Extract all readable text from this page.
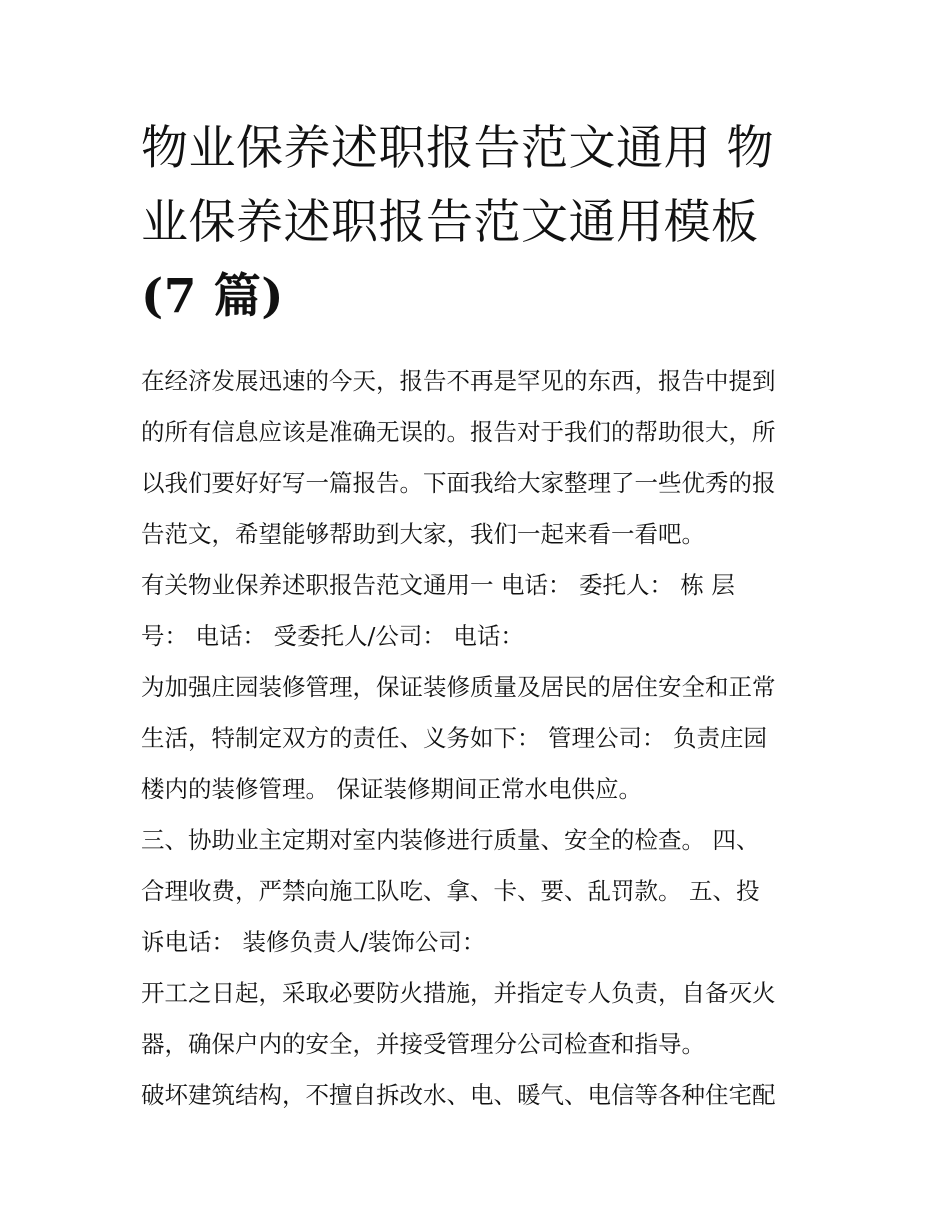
物业保养述职报告范文通用 物
业保养述职报告范文通用模板
(7 篇)

在经济发展迅速的今天，报告不再是罕见的东西，报告中提到
的所有信息应该是准确无误的。报告对于我们的帮助很大，所
以我们要好好写一篇报告。下面我给大家整理了一些优秀的报
告范文，希望能够帮助到大家，我们一起来看一看吧。

有关物业保养述职报告范文通用一 电话： 委托人： 栋 层
号： 电话： 受委托人/公司： 电话：

为加强庄园装修管理，保证装修质量及居民的居住安全和正常
生活，特制定双方的责任、义务如下： 管理公司： 负责庄园
楼内的装修管理。 保证装修期间正常水电供应。

三、协助业主定期对室内装修进行质量、安全的检查。 四、
合理收费，严禁向施工队吃、拿、卡、要、乱罚款。 五、投
诉电话： 装修负责人/装饰公司：

开工之日起，采取必要防火措施，并指定专人负责，自备灭火
器，确保户内的安全，并接受管理分公司检查和指导。

破坏建筑结构，不擅自拆改水、电、暖气、电信等各种住宅配
